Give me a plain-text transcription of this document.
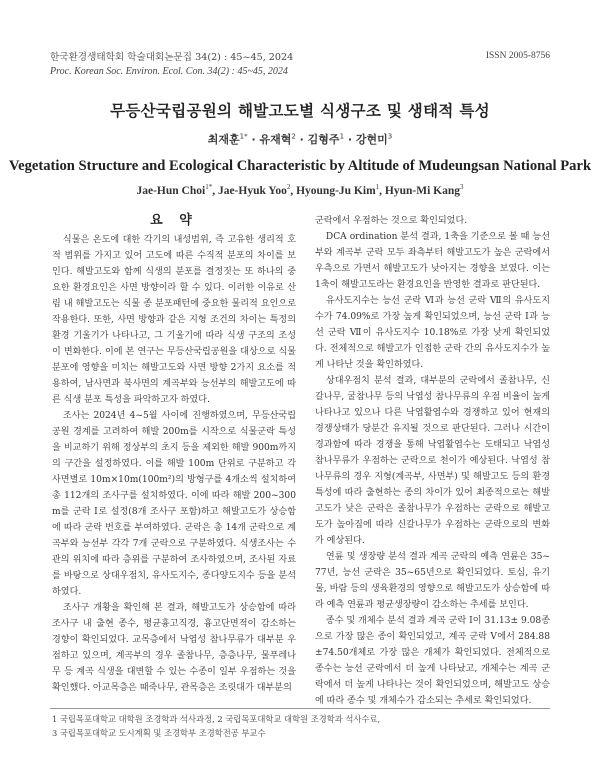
한국환경생태학회 학술대회논문집 34(2) : 45~45, 2024
Proc. Korean Soc. Environ. Ecol. Con. 34(2) : 45~45, 2024
ISSN 2005-8756
무등산국립공원의 해발고도별 식생구조 및 생태적 특성
최재훈$^{1*}$ · 유재혁$^2$ · 김형주$^1$ · 강현미$^3$
Vegetation Structure and Ecological Characteristic by Altitude of Mudeungsan National Park
Jae-Hun Choi$^{1*}$, Jae-Hyuk Yoo$^2$, Hyoung-Ju Kim$^1$, Hyun-Mi Kang$^3$
요 약

식물은 온도에 대한 각기의 내성범위, 즉 고유한 생리적 호적 범위를 가지고 있어 고도에 따른 수직적 분포의 차이를 보인다. 해발고도와 함께 식생의 분포를 결정짓는 또 하나의 중요한 환경요인은 사면 방향이라 할 수 있다. 이러한 이유로 산림 내 해발고도는 식물 종 분포패턴에 중요한 물리적 요인으로 작용한다. 또한, 사면 방향과 같은 지형 조건의 차이는 특정의 환경 기울기가 나타나고, 그 기울기에 따라 식생 구조의 조성이 변화한다. 이에 본 연구는 무등산국립공원을 대상으로 식물 분포에 영향을 미치는 해발고도와 사면 방향 2가지 요소를 적용하여, 남사면과 북사면의 계곡부와 능선부의 해발고도에 따른 식생 분포 특성을 파악하고자 하였다.

조사는 2024년 4~5월 사이에 진행하였으며, 무등산국립공원 경계를 고려하여 해발 200m를 시작으로 식물군락 특성을 비교하기 위해 정상부의 초지 등을 제외한 해발 900m까지의 구간을 설정하였다. 이를 해발 100m 단위로 구분하고 각 사면별로 10m×10m(100m²)의 방형구를 4개소씩 설치하여 총 112개의 조사구를 설치하였다. 이에 따라 해발 200~300m를 군락 Ⅰ로 설정(8개 조사구 포함)하고 해발고도가 상승함에 따라 군락 번호를 부여하였다. 군락은 총 14개 군락으로 계곡부와 능선부 각각 7개 군락으로 구분하였다. 식생조사는 수관의 위치에 따라 층위를 구분하여 조사하였으며, 조사된 자료를 바탕으로 상대우점치, 유사도지수, 종다양도지수 등을 분석하였다.

조사구 개황을 확인해 본 결과, 해발고도가 상승함에 따라 조사구 내 출현 종수, 평균흉고직경, 흉고단면적이 감소하는 경향이 확인되었다. 교목층에서 낙엽성 참나무류가 대부분 우점하고 있으며, 계곡부의 경우 졸참나무, 층층나무, 물푸레나무 등 계곡 식생을 대변할 수 있는 수종이 일부 우점하는 것을 확인했다. 아교목층은 때죽나무, 관목층은 조릿대가 대부분의

군락에서 우점하는 것으로 확인되었다.

DCA ordination 분석 결과, 1축을 기준으로 볼 때 능선부와 계곡부 군락 모두 좌측부터 해발고도가 높은 군락에서 우측으로 가면서 해발고도가 낮아지는 경향을 보였다. 이는 1축이 해발고도라는 환경요인을 반영한 결과로 판단된다.

유사도지수는 능선 군락 Ⅵ과 능선 군락 Ⅶ의 유사도지수가 74.09%로 가장 높게 확인되었으며, 능선 군락 Ⅰ과 능선 군락 Ⅶ이 유사도지수 10.18%로 가장 낮게 확인되었다. 전체적으로 해발고가 인접한 군락 간의 유사도지수가 높게 나타난 것을 확인하였다.

상대우점치 분석 결과, 대부분의 군락에서 졸참나무, 신갈나무, 굴참나무 등의 낙엽성 참나무류의 우점 비율이 높게 나타나고 있으나 다른 낙엽활엽수와 경쟁하고 있어 현재의 경쟁상태가 당분간 유지될 것으로 판단된다. 그러나 시간이 경과함에 따라 경쟁을 통해 낙엽활엽수는 도태되고 낙엽성 참나무류가 우점하는 군락으로 천이가 예상된다. 낙엽성 참나무류의 경우 지형(계곡부, 사면부) 및 해발고도 등의 환경 특성에 따라 출현하는 종의 차이가 있어 최종적으로는 해발고도가 낮은 군락은 졸참나무가 우점하는 군락으로 해발고도가 높아짐에 따라 신갈나무가 우점하는 군락으로의 변화가 예상된다.

연륜 및 생장량 분석 결과 계곡 군락의 예측 연륜은 35~77년, 능선 군락은 35~65년으로 확인되었다. 토심, 유기물, 바람 등의 생육환경의 영향으로 해발고도가 상승함에 따라 예측 연륜과 평균생장량이 감소하는 추세를 보인다.

종수 및 개체수 분석 결과 계곡 군락 Ⅰ이 31.13± 9.08종으로 가장 많은 종이 확인되었고, 계곡 군락 Ⅴ에서 284.88 ±74.50개체로 가장 많은 개체가 확인되었다. 전체적으로 종수는 능선 군락에서 더 높게 나타났고, 개체수는 계곡 군락에서 더 높게 나타나는 것이 확인되었으며, 해발고도 상승에 따라 종수 및 개체수가 감소되는 추세로 확인되었다.

1 국립목포대학교 대학원 조경학과 석사과정, 2 국립목포대학교 대학원 조경학과 석사수료,
3 국립목포대학교 도시계획 및 조경학부 조경학전공 부교수
